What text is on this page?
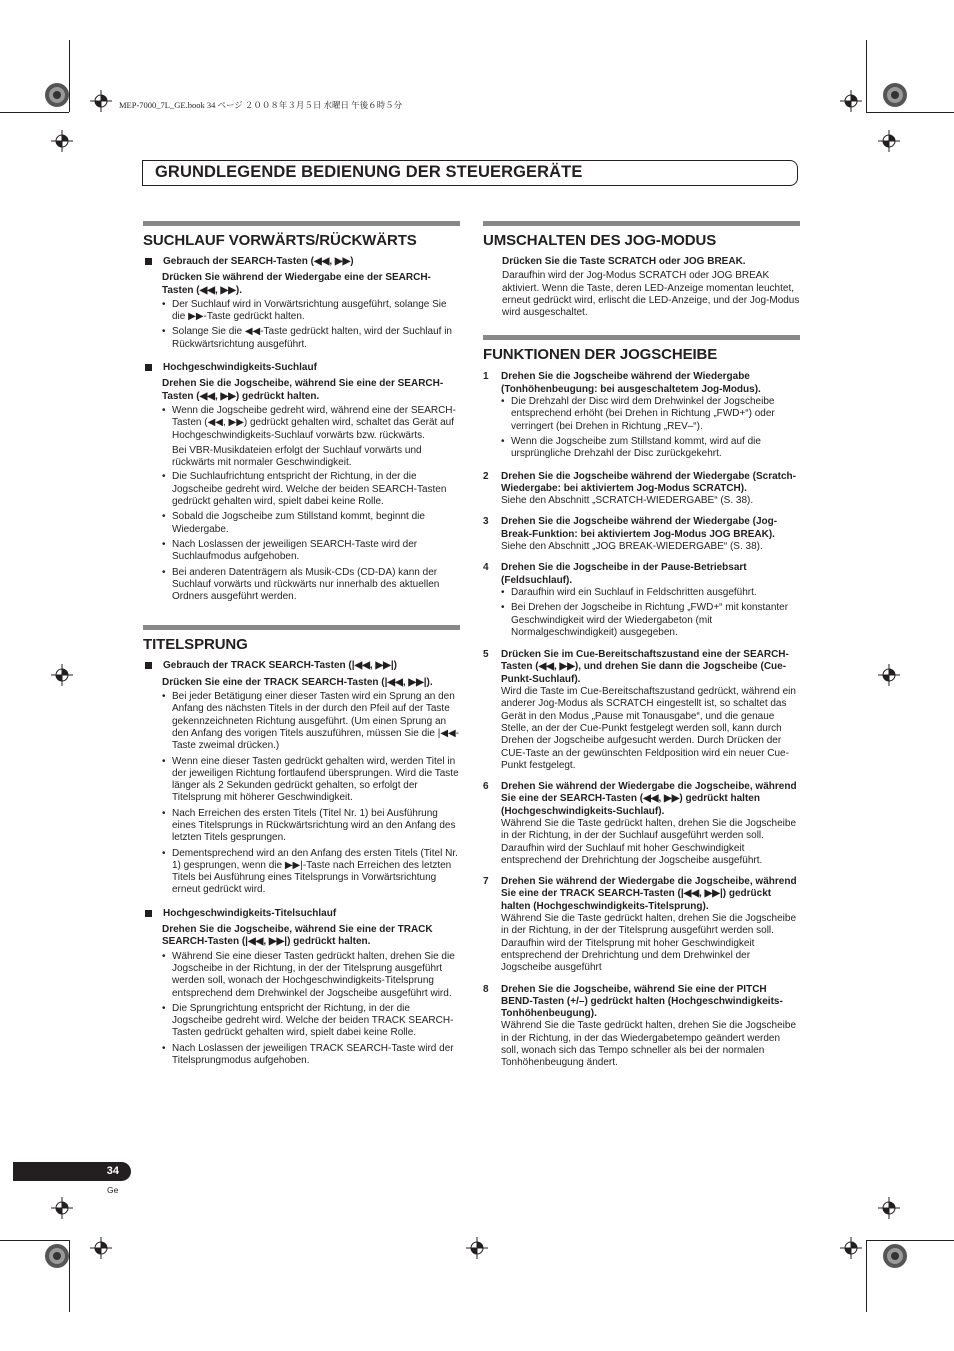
MEP-7000_7L_GE.book 34 ページ ２００８年３月５日 水曜日 午後６時５分
GRUNDLEGENDE BEDIENUNG DER STEUERGERÄTE
SUCHLAUF VORWÄRTS/RÜCKWÄRTS
Gebrauch der SEARCH-Tasten (◀◀, ▶▶)
Drücken Sie während der Wiedergabe eine der SEARCH-Tasten (◀◀, ▶▶).
• Der Suchlauf wird in Vorwärtsrichtung ausgeführt, solange Sie die ▶▶-Taste gedrückt halten.
• Solange Sie die ◀◀-Taste gedrückt halten, wird der Suchlauf in Rückwärtsrichtung ausgeführt.
Hochgeschwindigkeits-Suchlauf
Drehen Sie die Jogscheibe, während Sie eine der SEARCH-Tasten (◀◀, ▶▶) gedrückt halten.
• Wenn die Jogscheibe gedreht wird, während eine der SEARCH-Tasten (◀◀, ▶▶) gedrückt gehalten wird, schaltet das Gerät auf Hochgeschwindigkeits-Suchlauf vorwärts bzw. rückwärts.
Bei VBR-Musikdateien erfolgt der Suchlauf vorwärts und rückwärts mit normaler Geschwindigkeit.
• Die Suchlaufrichtung entspricht der Richtung, in der die Jogscheibe gedreht wird. Welche der beiden SEARCH-Tasten gedrückt gehalten wird, spielt dabei keine Rolle.
• Sobald die Jogscheibe zum Stillstand kommt, beginnt die Wiedergabe.
• Nach Loslassen der jeweiligen SEARCH-Taste wird der Suchlaufmodus aufgehoben.
• Bei anderen Datenträgern als Musik-CDs (CD-DA) kann der Suchlauf vorwärts und rückwärts nur innerhalb des aktuellen Ordners ausgeführt werden.
TITELSPRUNG
Gebrauch der TRACK SEARCH-Tasten (|◀◀, ▶▶|)
Drücken Sie eine der TRACK SEARCH-Tasten (|◀◀, ▶▶|).
• Bei jeder Betätigung einer dieser Tasten wird ein Sprung an den Anfang des nächsten Titels in der durch den Pfeil auf der Taste gekennzeichneten Richtung ausgeführt. (Um einen Sprung an den Anfang des vorigen Titels auszuführen, müssen Sie die |◀◀-Taste zweimal drücken.)
• Wenn eine dieser Tasten gedrückt gehalten wird, werden Titel in der jeweiligen Richtung fortlaufend übersprungen. Wird die Taste länger als 2 Sekunden gedrückt gehalten, so erfolgt der Titelsprung mit höherer Geschwindigkeit.
• Nach Erreichen des ersten Titels (Titel Nr. 1) bei Ausführung eines Titelsprungs in Rückwärtsrichtung wird an den Anfang des letzten Titels gesprungen.
• Dementsprechend wird an den Anfang des ersten Titels (Titel Nr. 1) gesprungen, wenn die ▶▶|-Taste nach Erreichen des letzten Titels bei Ausführung eines Titelsprungs in Vorwärtsrichtung erneut gedrückt wird.
Hochgeschwindigkeits-Titelsuchlauf
Drehen Sie die Jogscheibe, während Sie eine der TRACK SEARCH-Tasten (|◀◀, ▶▶|) gedrückt halten.
• Während Sie eine dieser Tasten gedrückt halten, drehen Sie die Jogscheibe in der Richtung, in der der Titelsprung ausgeführt werden soll, wonach der Hochgeschwindigkeits-Titelsprung entsprechend dem Drehwinkel der Jogscheibe ausgeführt wird.
• Die Sprungrichtung entspricht der Richtung, in der die Jogscheibe gedreht wird. Welche der beiden TRACK SEARCH-Tasten gedrückt gehalten wird, spielt dabei keine Rolle.
• Nach Loslassen der jeweiligen TRACK SEARCH-Taste wird der Titelsprungmodus aufgehoben.
UMSCHALTEN DES JOG-MODUS
Drücken Sie die Taste SCRATCH oder JOG BREAK.
Daraufhin wird der Jog-Modus SCRATCH oder JOG BREAK aktiviert. Wenn die Taste, deren LED-Anzeige momentan leuchtet, erneut gedrückt wird, erlischt die LED-Anzeige, und der Jog-Modus wird ausgeschaltet.
FUNKTIONEN DER JOGSCHEIBE
1	Drehen Sie die Jogscheibe während der Wiedergabe (Tonhöhenbeugung: bei ausgeschaltetem Jog-Modus).
• Die Drehzahl der Disc wird dem Drehwinkel der Jogscheibe entsprechend erhöht (bei Drehen in Richtung „FWD+“) oder verringert (bei Drehen in Richtung „REV–“).
• Wenn die Jogscheibe zum Stillstand kommt, wird auf die ursprüngliche Drehzahl der Disc zurückgekehrt.
2	Drehen Sie die Jogscheibe während der Wiedergabe (Scratch-Wiedergabe: bei aktiviertem Jog-Modus SCRATCH).
Siehe den Abschnitt „SCRATCH-WIEDERGABE“ (S. 38).
3	Drehen Sie die Jogscheibe während der Wiedergabe (Jog-Break-Funktion: bei aktiviertem Jog-Modus JOG BREAK).
Siehe den Abschnitt „JOG BREAK-WIEDERGABE“ (S. 38).
4	Drehen Sie die Jogscheibe in der Pause-Betriebsart (Feldsuchlauf).
• Daraufhin wird ein Suchlauf in Feldschritten ausgeführt.
• Bei Drehen der Jogscheibe in Richtung „FWD+“ mit konstanter Geschwindigkeit wird der Wiedergabeton (mit Normalgeschwindigkeit) ausgegeben.
5	Drücken Sie im Cue-Bereitschaftszustand eine der SEARCH-Tasten (◀◀, ▶▶), und drehen Sie dann die Jogscheibe (Cue-Punkt-Suchlauf).
Wird die Taste im Cue-Bereitschaftszustand gedrückt, während ein anderer Jog-Modus als SCRATCH eingestellt ist, so schaltet das Gerät in den Modus „Pause mit Tonausgabe“, und die genaue Stelle, an der der Cue-Punkt festgelegt werden soll, kann durch Drehen der Jogscheibe aufgesucht werden. Durch Drücken der CUE-Taste an der gewünschten Feldposition wird ein neuer Cue-Punkt festgelegt.
6	Drehen Sie während der Wiedergabe die Jogscheibe, während Sie eine der SEARCH-Tasten (◀◀, ▶▶) gedrückt halten (Hochgeschwindigkeits-Suchlauf).
Während Sie die Taste gedrückt halten, drehen Sie die Jogscheibe in der Richtung, in der der Suchlauf ausgeführt werden soll. Daraufhin wird der Suchlauf mit hoher Geschwindigkeit entsprechend der Drehrichtung der Jogscheibe ausgeführt.
7	Drehen Sie während der Wiedergabe die Jogscheibe, während Sie eine der TRACK SEARCH-Tasten (|◀◀, ▶▶|) gedrückt halten (Hochgeschwindigkeits-Titelsprung).
Während Sie die Taste gedrückt halten, drehen Sie die Jogscheibe in der Richtung, in der der Titelsprung ausgeführt werden soll. Daraufhin wird der Titelsprung mit hoher Geschwindigkeit entsprechend der Drehrichtung und dem Drehwinkel der Jogscheibe ausgeführt
8	Drehen Sie die Jogscheibe, während Sie eine der PITCH BEND-Tasten (+/–) gedrückt halten (Hochgeschwindigkeits-Tonhöhenbeugung).
Während Sie die Taste gedrückt halten, drehen Sie die Jogscheibe in der Richtung, in der das Wiedergabetempo geändert werden soll, wonach sich das Tempo schneller als bei der normalen Tonhöhenbeugung ändert.
34
Ge
